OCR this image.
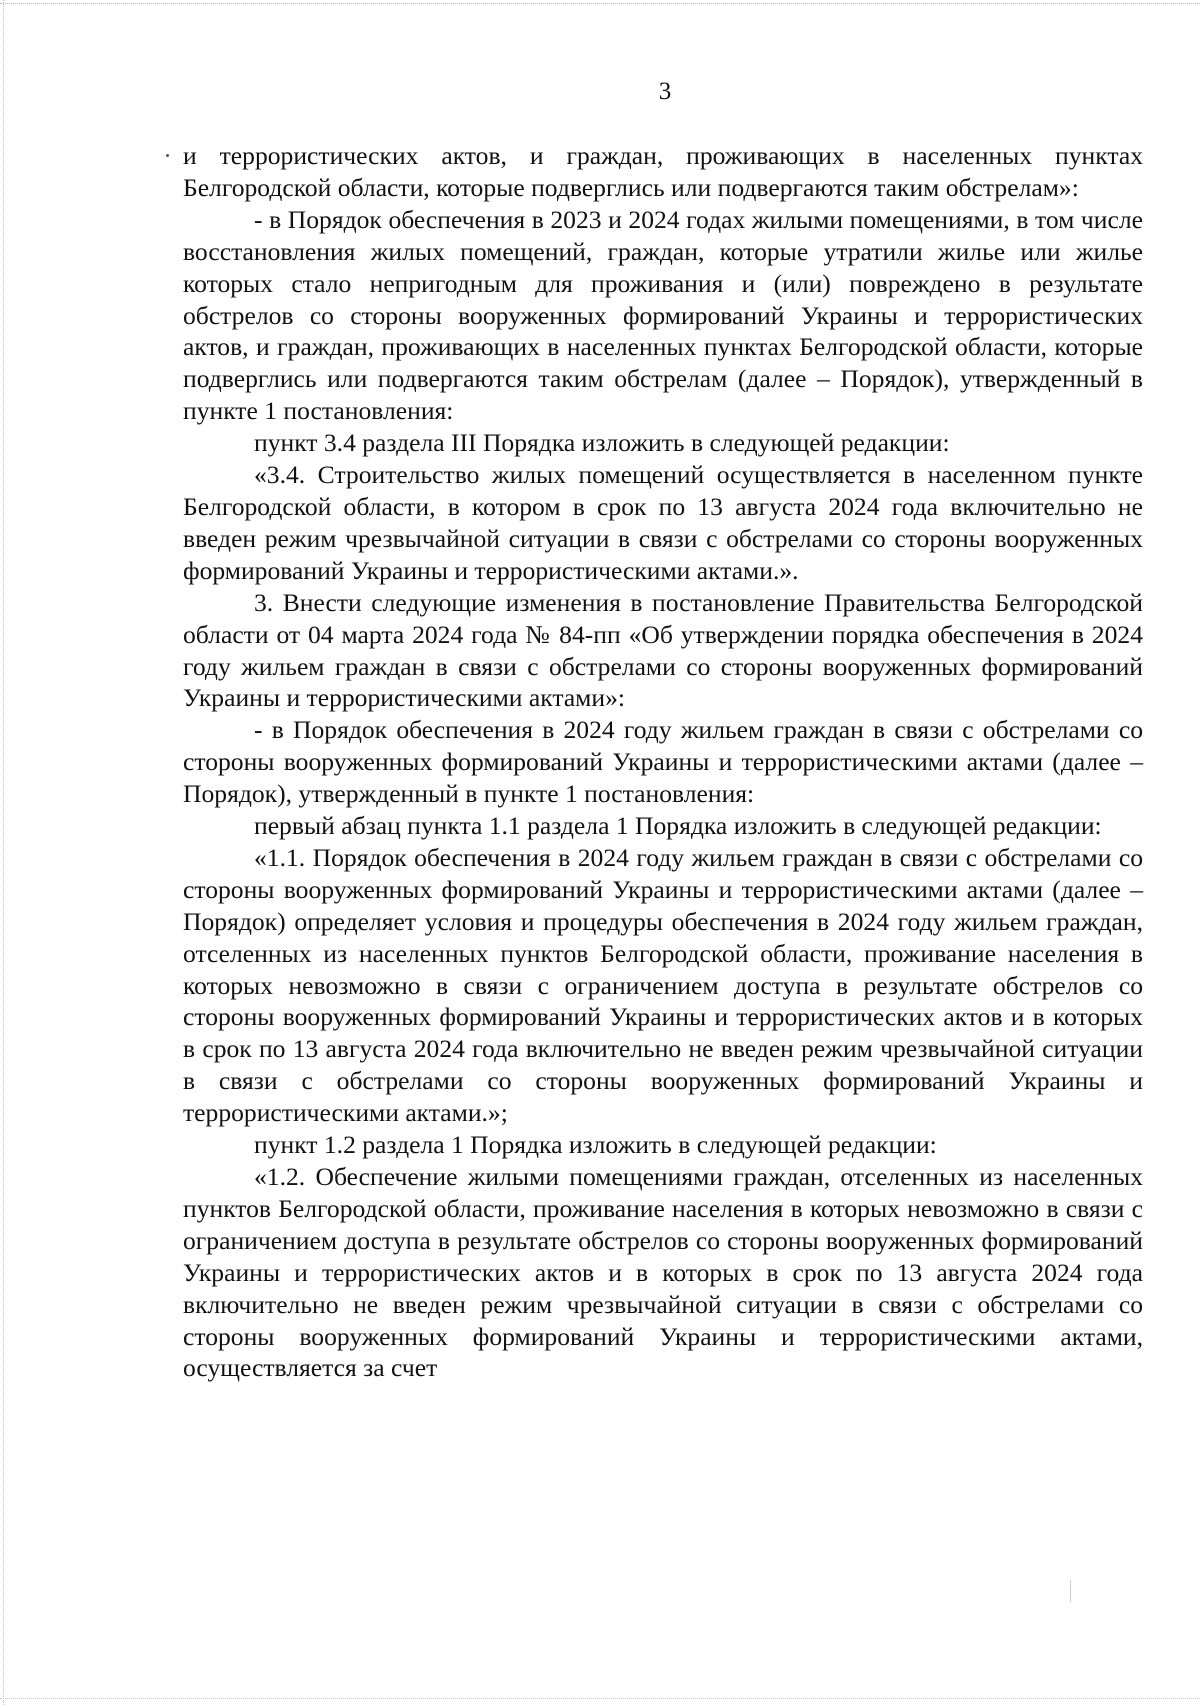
3

и террористических актов, и граждан, проживающих в населенных пунктах Белгородской области, которые подверглись или подвергаются таким обстрелам»:

- в Порядок обеспечения в 2023 и 2024 годах жилыми помещениями, в том числе восстановления жилых помещений, граждан, которые утратили жилье или жилье которых стало непригодным для проживания и (или) повреждено в результате обстрелов со стороны вооруженных формирований Украины и террористических актов, и граждан, проживающих в населенных пунктах Белгородской области, которые подверглись или подвергаются таким обстрелам (далее – Порядок), утвержденный в пункте 1 постановления:

пункт 3.4 раздела III Порядка изложить в следующей редакции:

«3.4. Строительство жилых помещений осуществляется в населенном пункте Белгородской области, в котором в срок по 13 августа 2024 года включительно не введен режим чрезвычайной ситуации в связи с обстрелами со стороны вооруженных формирований Украины и террористическими актами.».

3. Внести следующие изменения в постановление Правительства Белгородской области от 04 марта 2024 года № 84-пп «Об утверждении порядка обеспечения в 2024 году жильем граждан в связи с обстрелами со стороны вооруженных формирований Украины и террористическими актами»:

- в Порядок обеспечения в 2024 году жильем граждан в связи с обстрелами со стороны вооруженных формирований Украины и террористическими актами (далее – Порядок), утвержденный в пункте 1 постановления:

первый абзац пункта 1.1 раздела 1 Порядка изложить в следующей редакции:

«1.1. Порядок обеспечения в 2024 году жильем граждан в связи с обстрелами со стороны вооруженных формирований Украины и террористическими актами (далее – Порядок) определяет условия и процедуры обеспечения в 2024 году жильем граждан, отселенных из населенных пунктов Белгородской области, проживание населения в которых невозможно в связи с ограничением доступа в результате обстрелов со стороны вооруженных формирований Украины и террористических актов и в которых в срок по 13 августа 2024 года включительно не введен режим чрезвычайной ситуации в связи с обстрелами со стороны вооруженных формирований Украины и террористическими актами.»;

пункт 1.2 раздела 1 Порядка изложить в следующей редакции:

«1.2. Обеспечение жилыми помещениями граждан, отселенных из населенных пунктов Белгородской области, проживание населения в которых невозможно в связи с ограничением доступа в результате обстрелов со стороны вооруженных формирований Украины и террористических актов и в которых в срок по 13 августа 2024 года включительно не введен режим чрезвычайной ситуации в связи с обстрелами со стороны вооруженных формирований Украины и террористическими актами, осуществляется за счет
